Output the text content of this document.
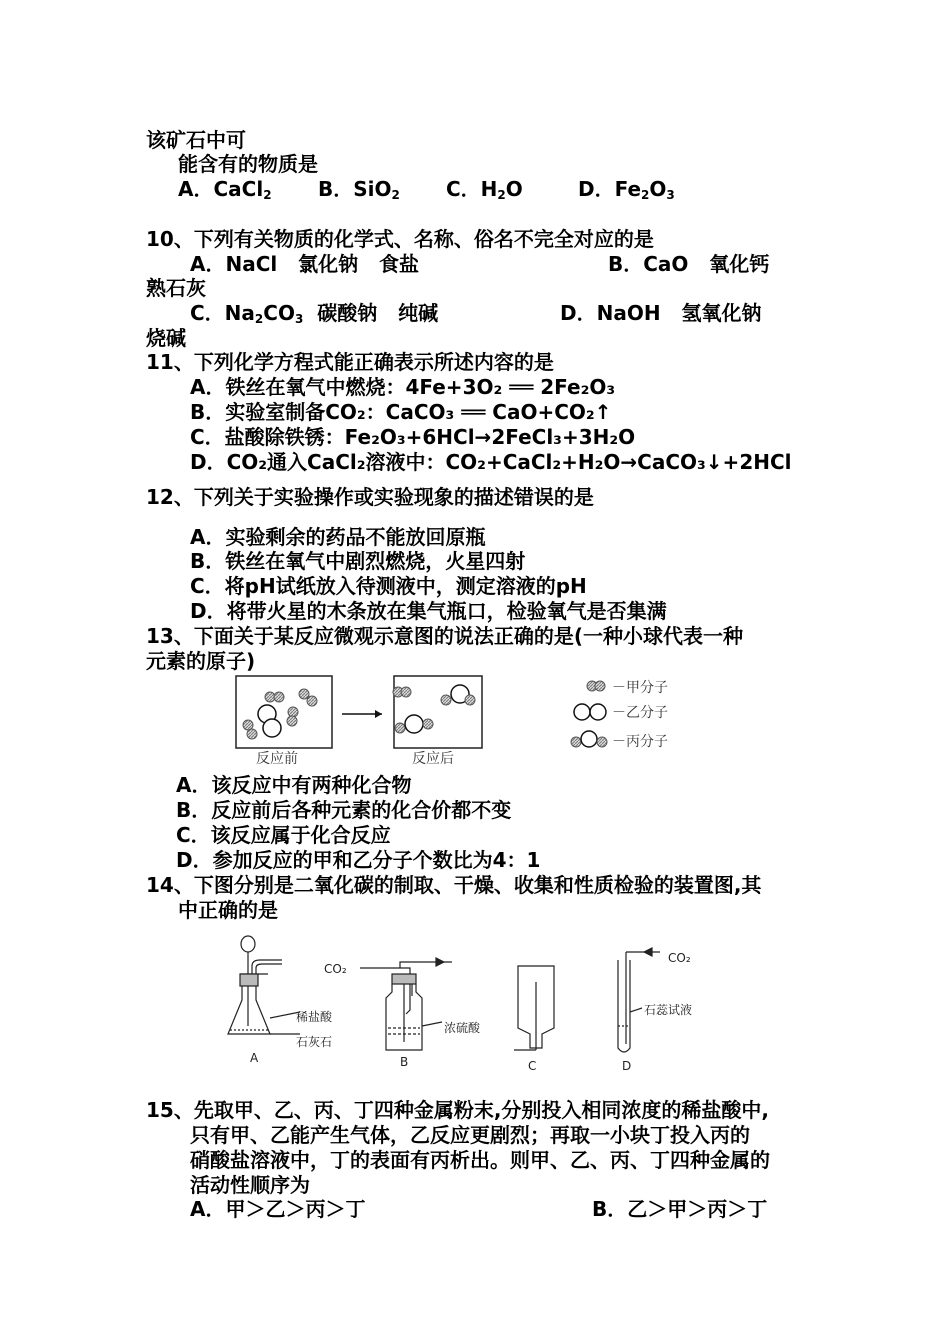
该矿石中可
能含有的物质是
A．CaCl$_2$ B．SiO$_2$ C．$H_2O$	D．$Fe_2O_3$
10、下列有关物质的化学式、名称、俗名不完全对应的是
A．NaCl   氯化钠   食盐	B．CaO   氧化钙
熟石灰
C．$Na_2CO_3$  碳酸钠   纯碱	D．NaOH   氢氧化钠
烧碱
11、下列化学方程式能正确表示所述内容的是
A．铁丝在氧气中燃烧：4Fe+3O₂ ══ 2Fe₂O₃
B．实验室制备CO₂：CaCO₃ ══ CaO+CO₂↑
C．盐酸除铁锈：Fe₂O₃+6HCl→2FeCl₃+3H₂O
D．CO₂通入CaCl₂溶液中：CO₂+CaCl₂+H₂O→CaCO₃↓+2HCl
12、下列关于实验操作或实验现象的描述错误的是
A．实验剩余的药品不能放回原瓶
B．铁丝在氧气中剧烈燃烧，火星四射
C．将pH试纸放入待测液中，测定溶液的pH
D．将带火星的木条放在集气瓶口，检验氧气是否集满
13、下面关于某反应微观示意图的说法正确的是(一种小球代表一种
元素的原子)
反应前	反应后
－甲分子
－乙分子
－丙分子
A．该反应中有两种化合物
B．反应前后各种元素的化合价都不变
C．该反应属于化合反应
D．参加反应的甲和乙分子个数比为4：1
14、下图分别是二氧化碳的制取、干燥、收集和性质检验的装置图,其
中正确的是
稀盐酸
石灰石
浓硫酸
石蕊试液
CO₂
CO₂
A	B	C	D
15、先取甲、乙、丙、丁四种金属粉末,分别投入相同浓度的稀盐酸中,
只有甲、乙能产生气体，乙反应更剧烈；再取一小块丁投入丙的
硝酸盐溶液中，丁的表面有丙析出。则甲、乙、丙、丁四种金属的
活动性顺序为
A．甲＞乙＞丙＞丁	B．乙＞甲＞丙＞丁
